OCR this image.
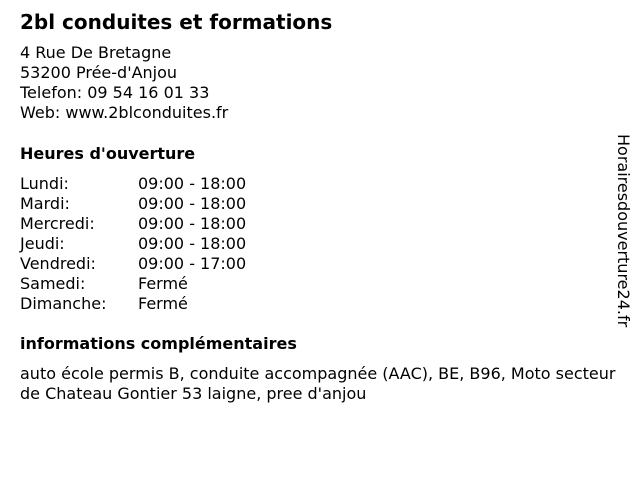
2bl conduites et formations
4 Rue De Bretagne
53200 Prée-d'Anjou
Telefon: 09 54 16 01 33
Web: www.2blconduites.fr
Heures d'ouverture
Lundi:	09:00 - 18:00
Mardi:	09:00 - 18:00
Mercredi:	09:00 - 18:00
Jeudi:	09:00 - 18:00
Vendredi:	09:00 - 17:00
Samedi:	Fermé
Dimanche: Fermé
informations complémentaires
auto école permis B, conduite accompagnée (AAC), BE, B96, Moto secteur de Chateau Gontier 53 laigne, pree d'anjou
Horairesdouverture24.fr
